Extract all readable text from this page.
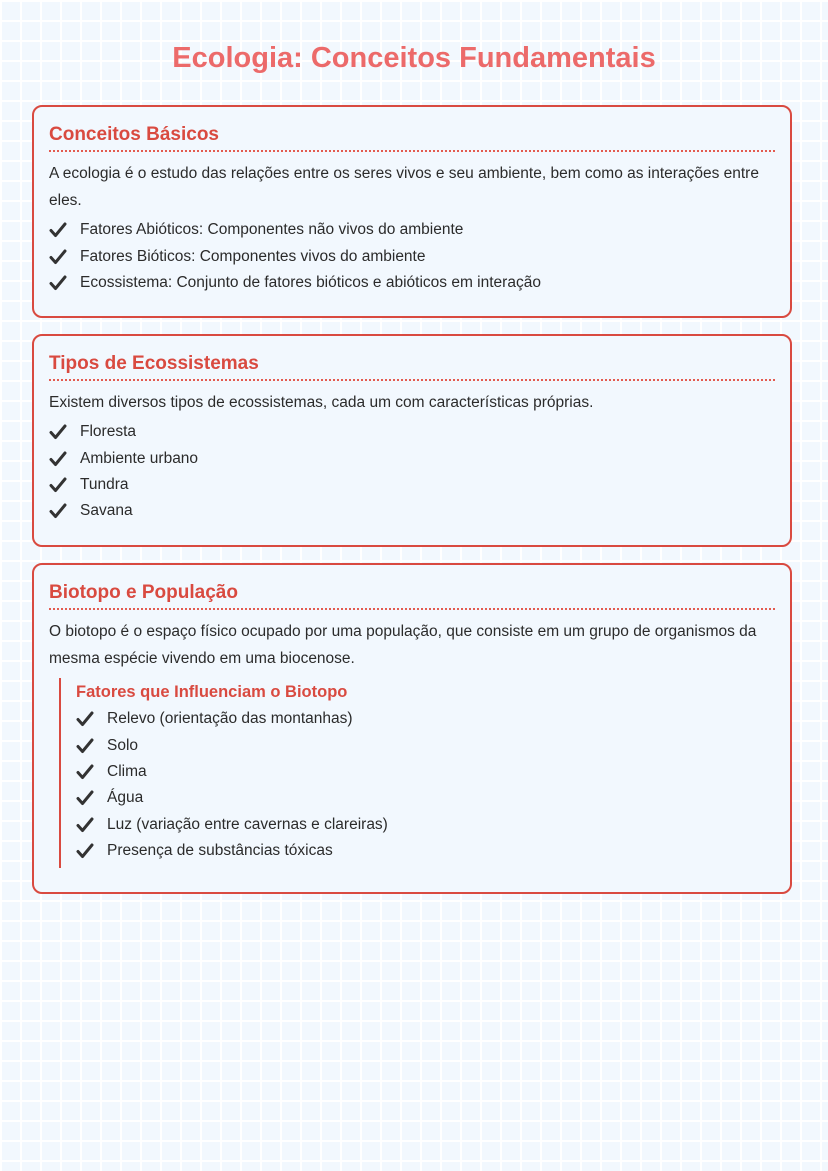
Ecologia: Conceitos Fundamentais
Conceitos Básicos

A ecologia é o estudo das relações entre os seres vivos e seu ambiente, bem como as interações entre eles.

Fatores Abióticos: Componentes não vivos do ambiente
Fatores Bióticos: Componentes vivos do ambiente
Ecossistema: Conjunto de fatores bióticos e abióticos em interação
Tipos de Ecossistemas

Existem diversos tipos de ecossistemas, cada um com características próprias.

Floresta
Ambiente urbano
Tundra
Savana
Biotopo e População

O biotopo é o espaço físico ocupado por uma população, que consiste em um grupo de organismos da mesma espécie vivendo em uma biocenose.

Fatores que Influenciam o Biotopo
Relevo (orientação das montanhas)
Solo
Clima
Água
Luz (variação entre cavernas e clareiras)
Presença de substâncias tóxicas
